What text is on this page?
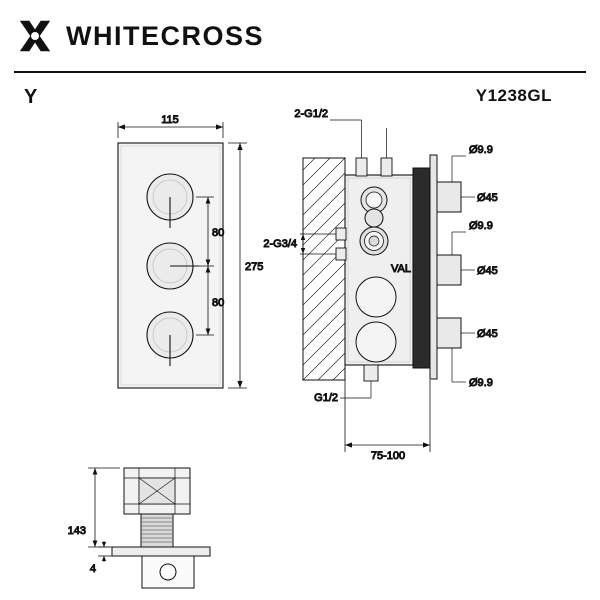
WHITECROSS
Y	Y1238GL
115
275
80
80
VAL
2-G1/2
2-G3/4
G1/2
Ø9.9
Ø45
Ø9.9
Ø45
Ø45
Ø9.9
75-100
143
4
